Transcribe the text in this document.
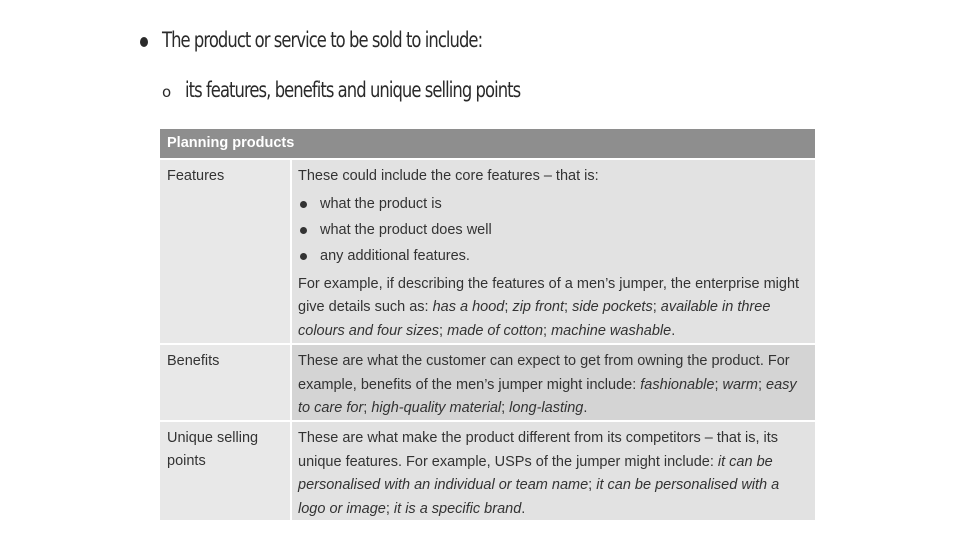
The product or service to be sold to include:
o its features, benefits and unique selling points
Planning products
Features	These could include the core features – that is:
what the product is
what the product does well
any additional features.
For example, if describing the features of a men’s jumper, the enterprise might give details such as: has a hood; zip front; side pockets; available in three colours and four sizes; made of cotton; machine washable.
Benefits	These are what the customer can expect to get from owning the product. For example, benefits of the men’s jumper might include: fashionable; warm; easy to care for; high-quality material; long-lasting.
Unique selling points
These are what make the product different from its competitors – that is, its unique features. For example, USPs of the jumper might include: it can be personalised with an individual or team name; it can be personalised with a logo or image; it is a specific brand.
